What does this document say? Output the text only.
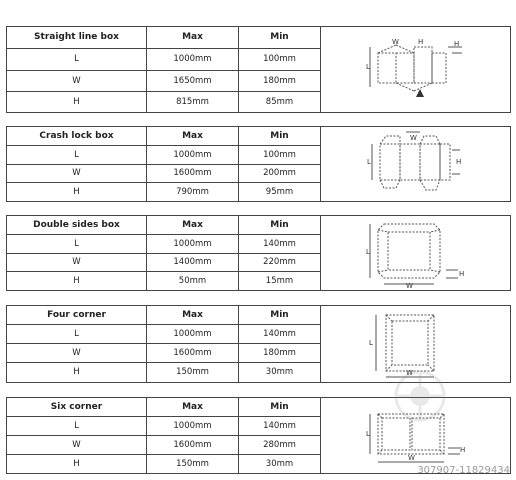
Straight line box	Max	Min	L
W H H

L	1000mm	100mm	
W	1650mm	180mm	
H	815mm	85mm	
Crash lock box	Max	Min	L
W
H

L	1000mm	100mm	
W	1600mm	200mm	
H	790mm	95mm	
Double sides box	Max	Min	L
W
H

L	1000mm	140mm	
W	1400mm	220mm	
H	50mm	15mm	
Four corner	Max	Min	L
W

L	1000mm	140mm	
W	1600mm	180mm	
H	150mm	30mm	
Six corner	Max	Min	L
W
H

L	1000mm	140mm	
W	1600mm	280mm	
H	150mm	30mm	
307907-11829434
